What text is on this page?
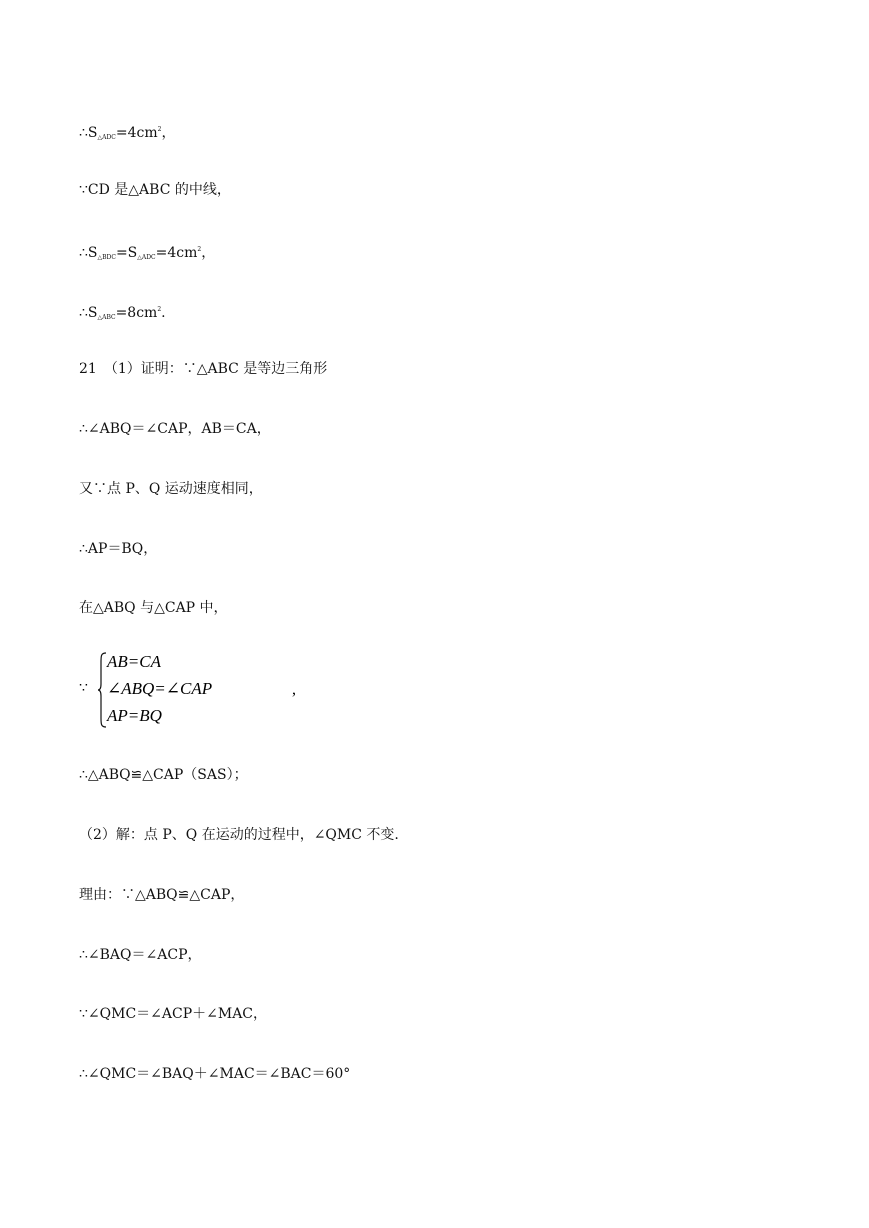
$\therefore S_{\triangle ADC}=4cm^2$，
∵CD 是△ABC 的中线，
$\therefore S_{\triangle BDC}=S_{\triangle ADC}=4cm^2$，
$\therefore S_{\triangle ABC}=8cm^2$.
21　（1）证明：∵△ABC 是等边三角形
∴∠ABQ＝∠CAP，AB＝CA，
又∵点 P、Q 运动速度相同，
∴AP＝BQ，
在△ABQ 与△CAP 中，
∵
AB=CA
∠ABQ=∠CAP
AP=BQ
,
∴△ABQ≌△CAP（SAS）；
（2）解：点 P、Q 在运动的过程中，∠QMC 不变.
理由：∵△ABQ≌△CAP，
∴∠BAQ＝∠ACP，
∵∠QMC＝∠ACP＋∠MAC，
∴∠QMC＝∠BAQ＋∠MAC＝∠BAC＝60°
